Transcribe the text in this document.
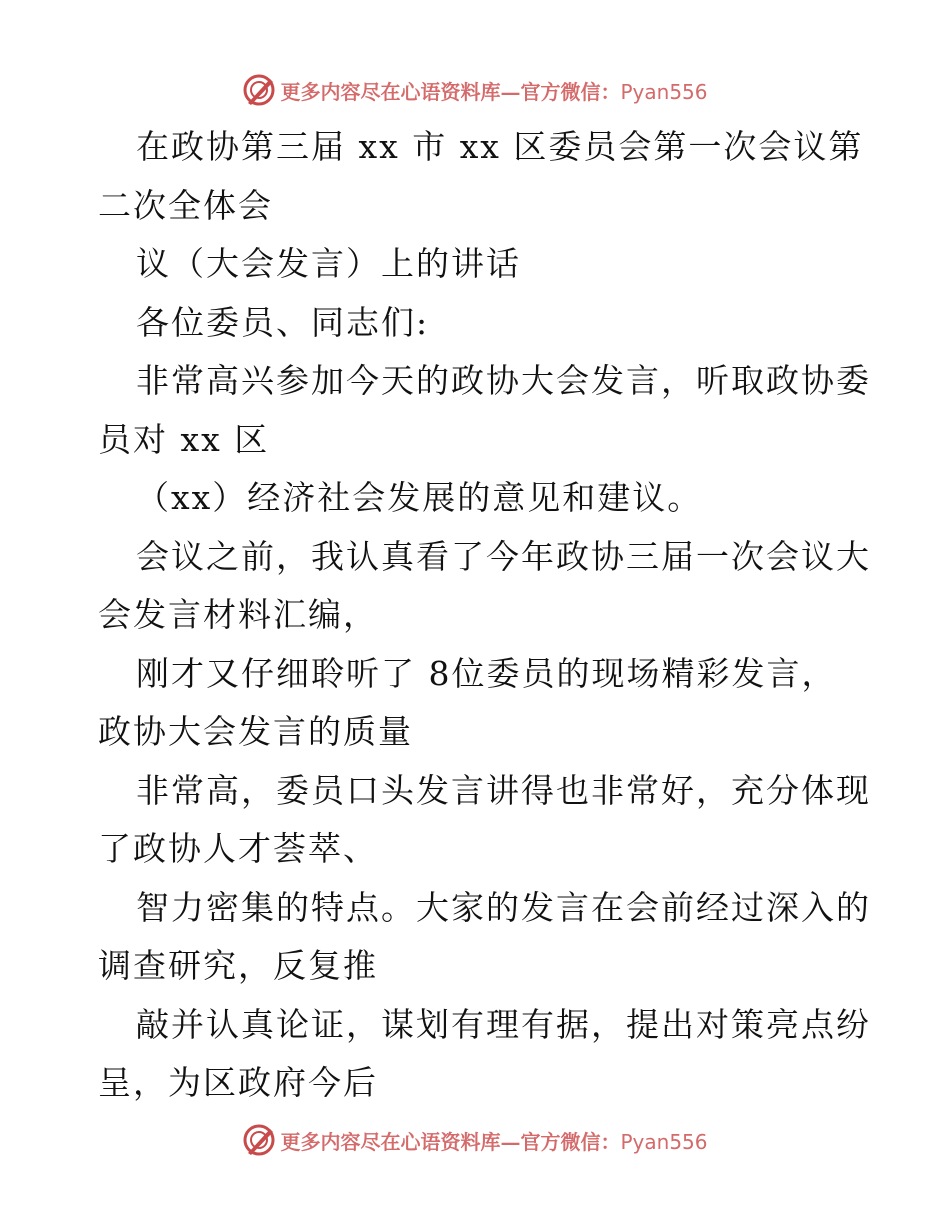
更多内容尽在心语资料库—官方微信：Pyan556
在政协第三届 xx 市 xx 区委员会第一次会议第
二次全体会
议（大会发言）上的讲话
各位委员、同志们:
非常高兴参加今天的政协大会发言，听取政协委
员对 xx 区
（xx）经济社会发展的意见和建议。
会议之前，我认真看了今年政协三届一次会议大
会发言材料汇编，
刚才又仔细聆听了 8位委员的现场精彩发言，
政协大会发言的质量
非常高，委员口头发言讲得也非常好，充分体现
了政协人才荟萃、
智力密集的特点。大家的发言在会前经过深入的
调查研究，反复推
敲并认真论证，谋划有理有据，提出对策亮点纷
呈，为区政府今后
更多内容尽在心语资料库—官方微信：Pyan556
